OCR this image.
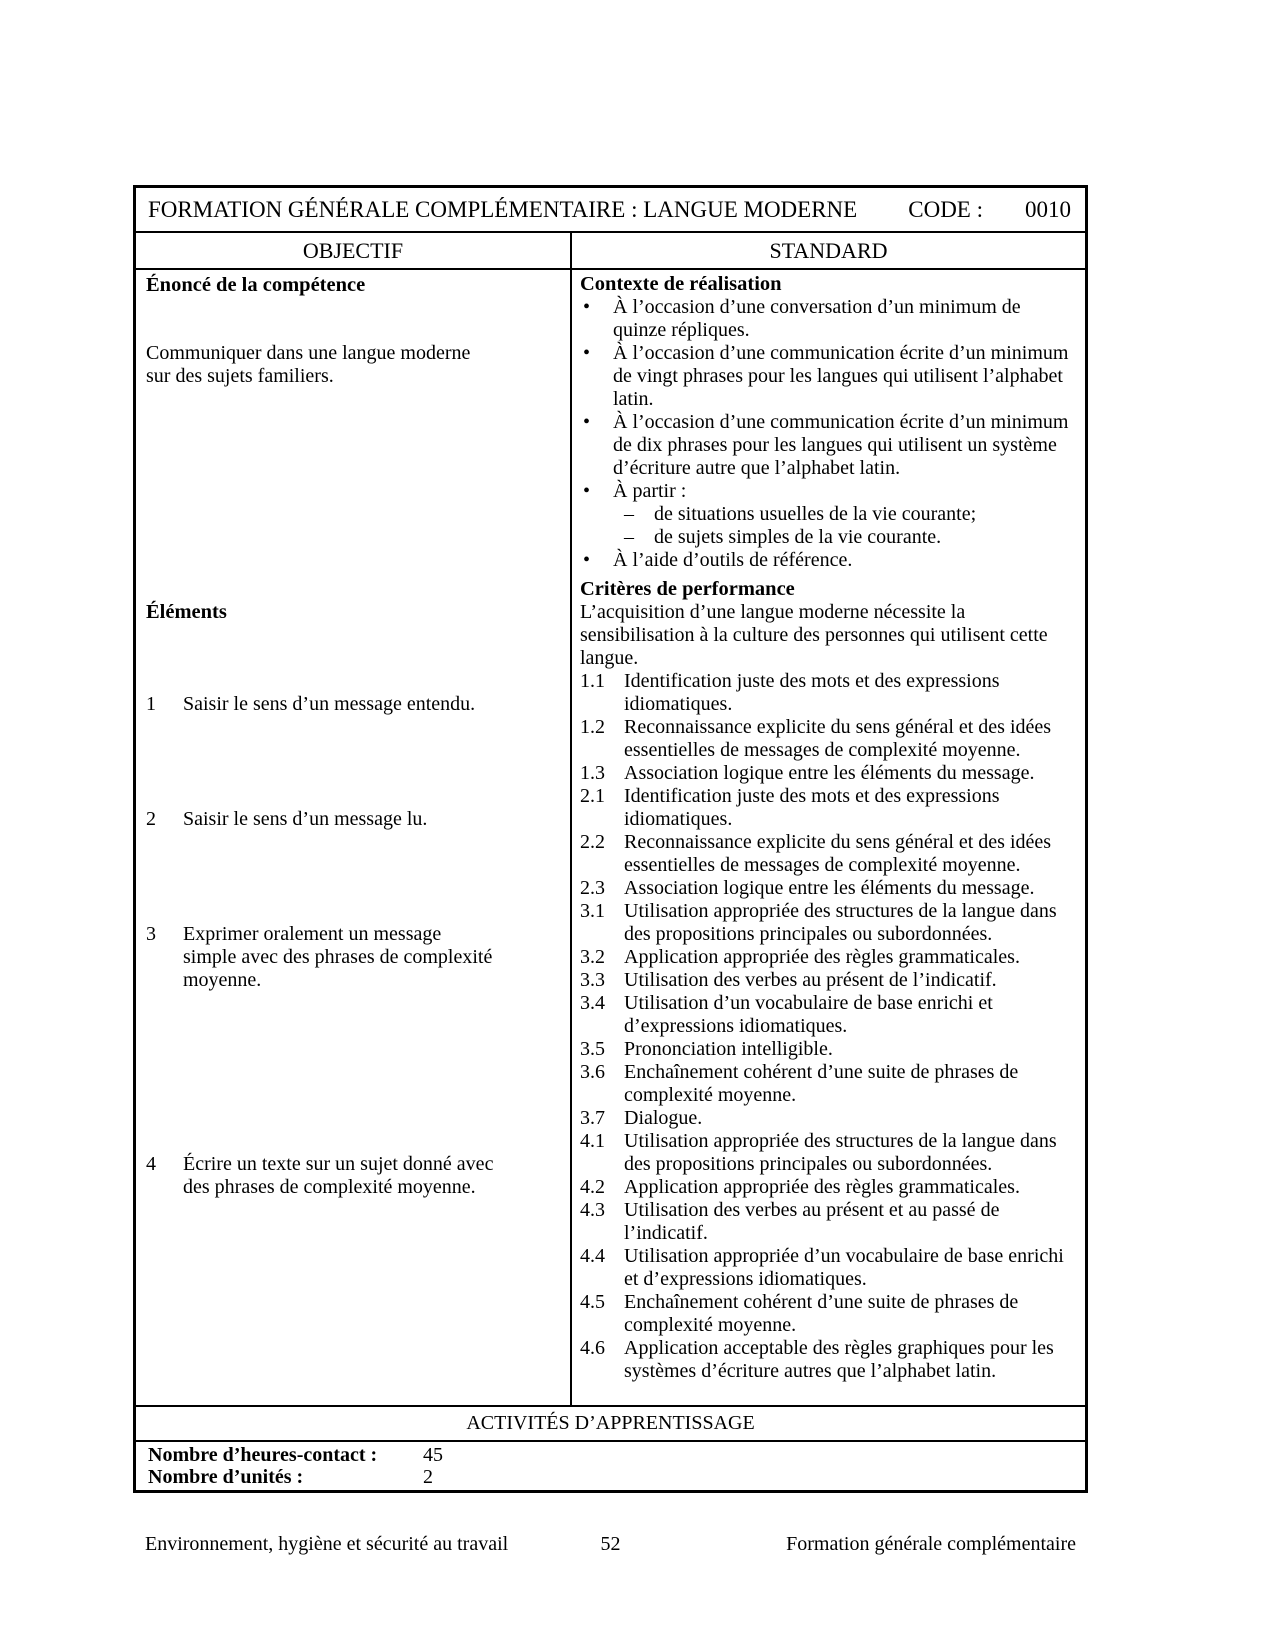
FORMATION GÉNÉRALE COMPLÉMENTAIRE : LANGUE MODERNE CODE : 0010
OBJECTIF	STANDARD
Énoncé de la compétence
Communiquer dans une langue moderne sur des sujets familiers.
Éléments
1	Saisir le sens d’un message entendu.
2	Saisir le sens d’un message lu.
3	Exprimer oralement un message simple avec des phrases de complexité moyenne.
4	Écrire un texte sur un sujet donné avec des phrases de complexité moyenne.
Contexte de réalisation
•	À l’occasion d’une conversation d’un minimum de quinze répliques.
•	À l’occasion d’une communication écrite d’un minimum de vingt phrases pour les langues qui utilisent l’alphabet latin.
•	À l’occasion d’une communication écrite d’un minimum de dix phrases pour les langues qui utilisent un système d’écriture autre que l’alphabet latin.
•	À partir :
–	de situations usuelles de la vie courante;
–	de sujets simples de la vie courante.
•	À l’aide d’outils de référence.
Critères de performance
L’acquisition d’une langue moderne nécessite la sensibilisation à la culture des personnes qui utilisent cette langue.
1.1 Identification juste des mots et des expressions idiomatiques.
1.2 Reconnaissance explicite du sens général et des idées essentielles de messages de complexité moyenne.
1.3 Association logique entre les éléments du message.
2.1 Identification juste des mots et des expressions idiomatiques.
2.2 Reconnaissance explicite du sens général et des idées essentielles de messages de complexité moyenne.
2.3 Association logique entre les éléments du message.
3.1 Utilisation appropriée des structures de la langue dans des propositions principales ou subordonnées.
3.2 Application appropriée des règles grammaticales.
3.3 Utilisation des verbes au présent de l’indicatif.
3.4 Utilisation d’un vocabulaire de base enrichi et d’expressions idiomatiques.
3.5 Prononciation intelligible.
3.6 Enchaînement cohérent d’une suite de phrases de complexité moyenne.
3.7 Dialogue.
4.1 Utilisation appropriée des structures de la langue dans des propositions principales ou subordonnées.
4.2 Application appropriée des règles grammaticales.
4.3 Utilisation des verbes au présent et au passé de l’indicatif.
4.4 Utilisation appropriée d’un vocabulaire de base enrichi et d’expressions idiomatiques.
4.5 Enchaînement cohérent d’une suite de phrases de complexité moyenne.
4.6 Application acceptable des règles graphiques pour les systèmes d’écriture autres que l’alphabet latin.
ACTIVITÉS D’APPRENTISSAGE
Nombre d’heures-contact :	45
Nombre d’unités :	2
Environnement, hygiène et sécurité au travail	52	Formation générale complémentaire
